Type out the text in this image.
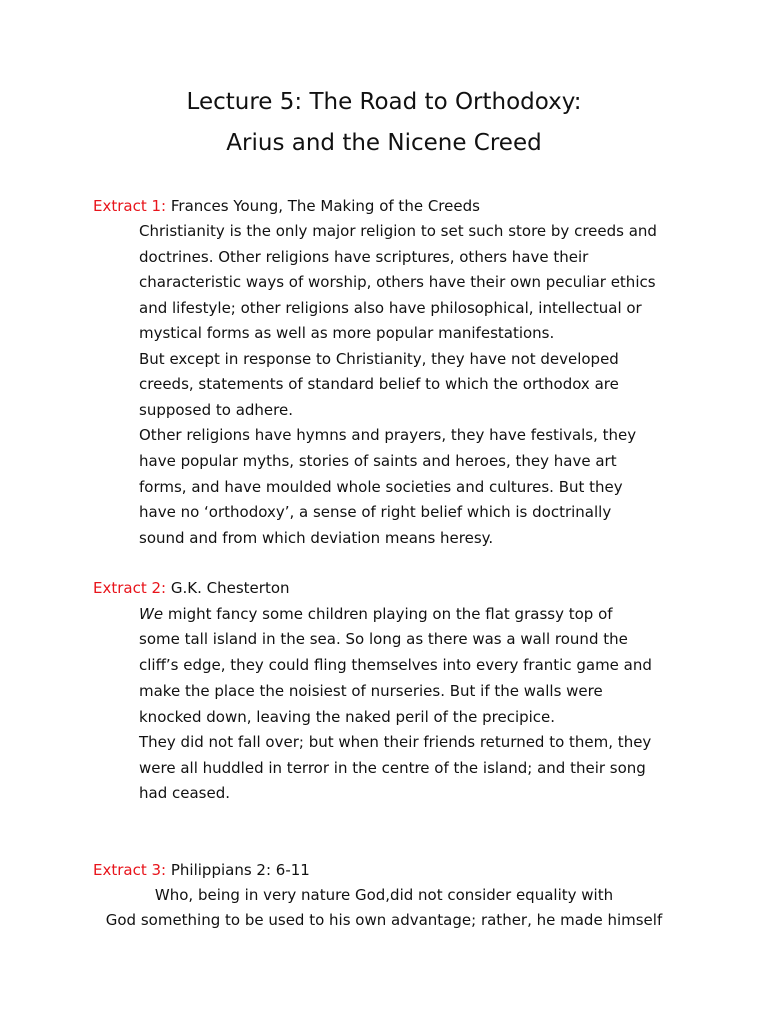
Lecture 5: The Road to Orthodoxy:
Arius and the Nicene Creed
Extract 1: Frances Young, The Making of the Creeds
Christianity is the only major religion to set such store by creeds and
doctrines. Other religions have scriptures, others have their
characteristic ways of worship, others have their own peculiar ethics
and lifestyle; other religions also have philosophical, intellectual or
mystical forms as well as more popular manifestations.
But except in response to Christianity, they have not developed
creeds, statements of standard belief to which the orthodox are
supposed to adhere.
Other religions have hymns and prayers, they have festivals, they
have popular myths, stories of saints and heroes, they have art
forms, and have moulded whole societies and cultures. But they
have no ‘orthodoxy’, a sense of right belief which is doctrinally
sound and from which deviation means heresy.
Extract 2: G.K. Chesterton
We might fancy some children playing on the flat grassy top of
some tall island in the sea. So long as there was a wall round the
cliff’s edge, they could fling themselves into every frantic game and
make the place the noisiest of nurseries. But if the walls were
knocked down, leaving the naked peril of the precipice.
They did not fall over; but when their friends returned to them, they
were all huddled in terror in the centre of the island; and their song
had ceased.
Extract 3: Philippians 2: 6-11
Who, being in very nature God,did not consider equality with
God something to be used to his own advantage; rather, he made himself
